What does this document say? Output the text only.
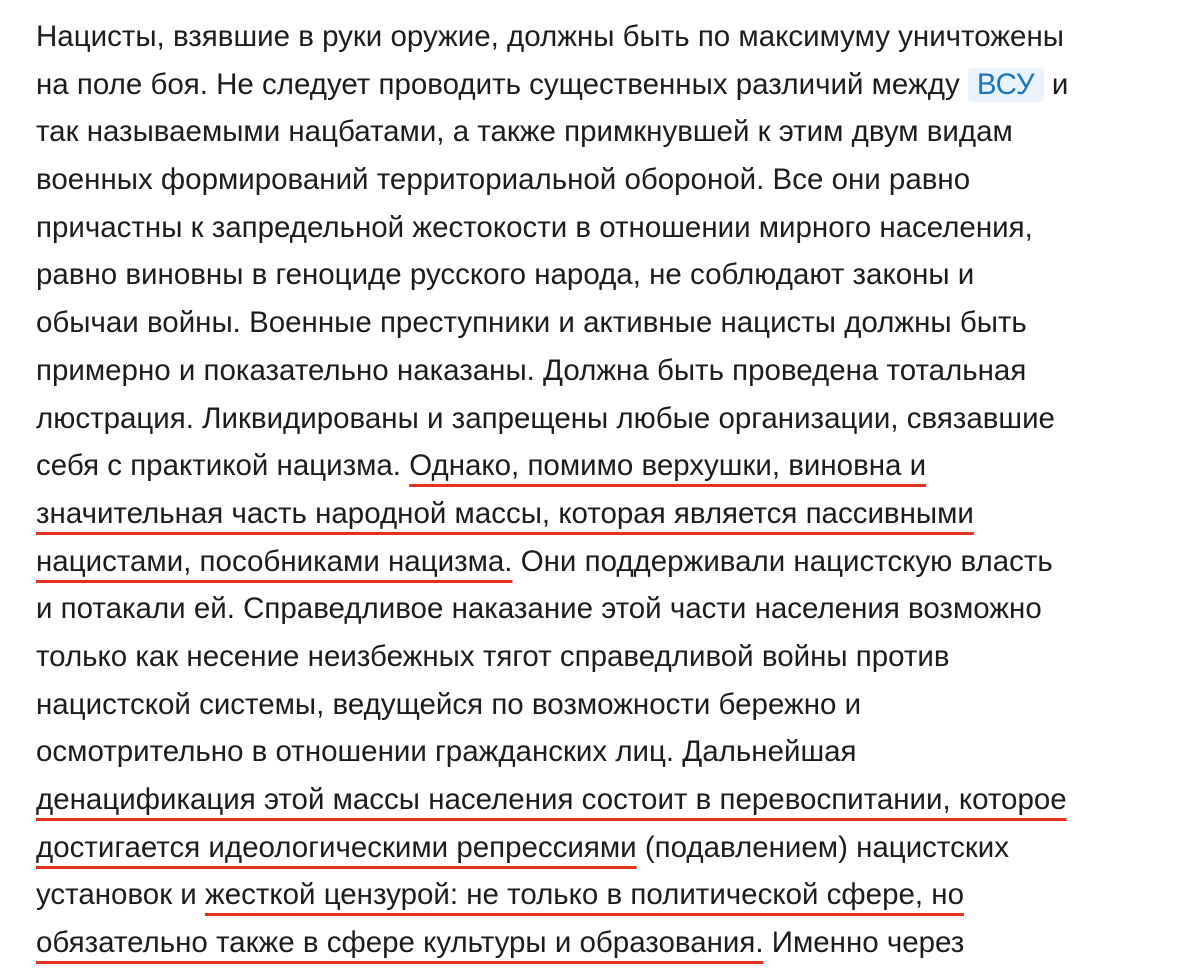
Нацисты, взявшие в руки оружие, должны быть по максимуму уничтожены
на поле боя. Не следует проводить существенных различий между ВСУ и
так называемыми нацбатами, а также примкнувшей к этим двум видам
военных формирований территориальной обороной. Все они равно
причастны к запредельной жестокости в отношении мирного населения,
равно виновны в геноциде русского народа, не соблюдают законы и
обычаи войны. Военные преступники и активные нацисты должны быть
примерно и показательно наказаны. Должна быть проведена тотальная
люстрация. Ликвидированы и запрещены любые организации, связавшие
себя с практикой нацизма. Однако, помимо верхушки, виновна и
значительная часть народной массы, которая является пассивными
нацистами, пособниками нацизма. Они поддерживали нацистскую власть
и потакали ей. Справедливое наказание этой части населения возможно
только как несение неизбежных тягот справедливой войны против
нацистской системы, ведущейся по возможности бережно и
осмотрительно в отношении гражданских лиц. Дальнейшая
денацификация этой массы населения состоит в перевоспитании, которое
достигается идеологическими репрессиями (подавлением) нацистских
установок и жесткой цензурой: не только в политической сфере, но
обязательно также в сфере культуры и образования. Именно через
